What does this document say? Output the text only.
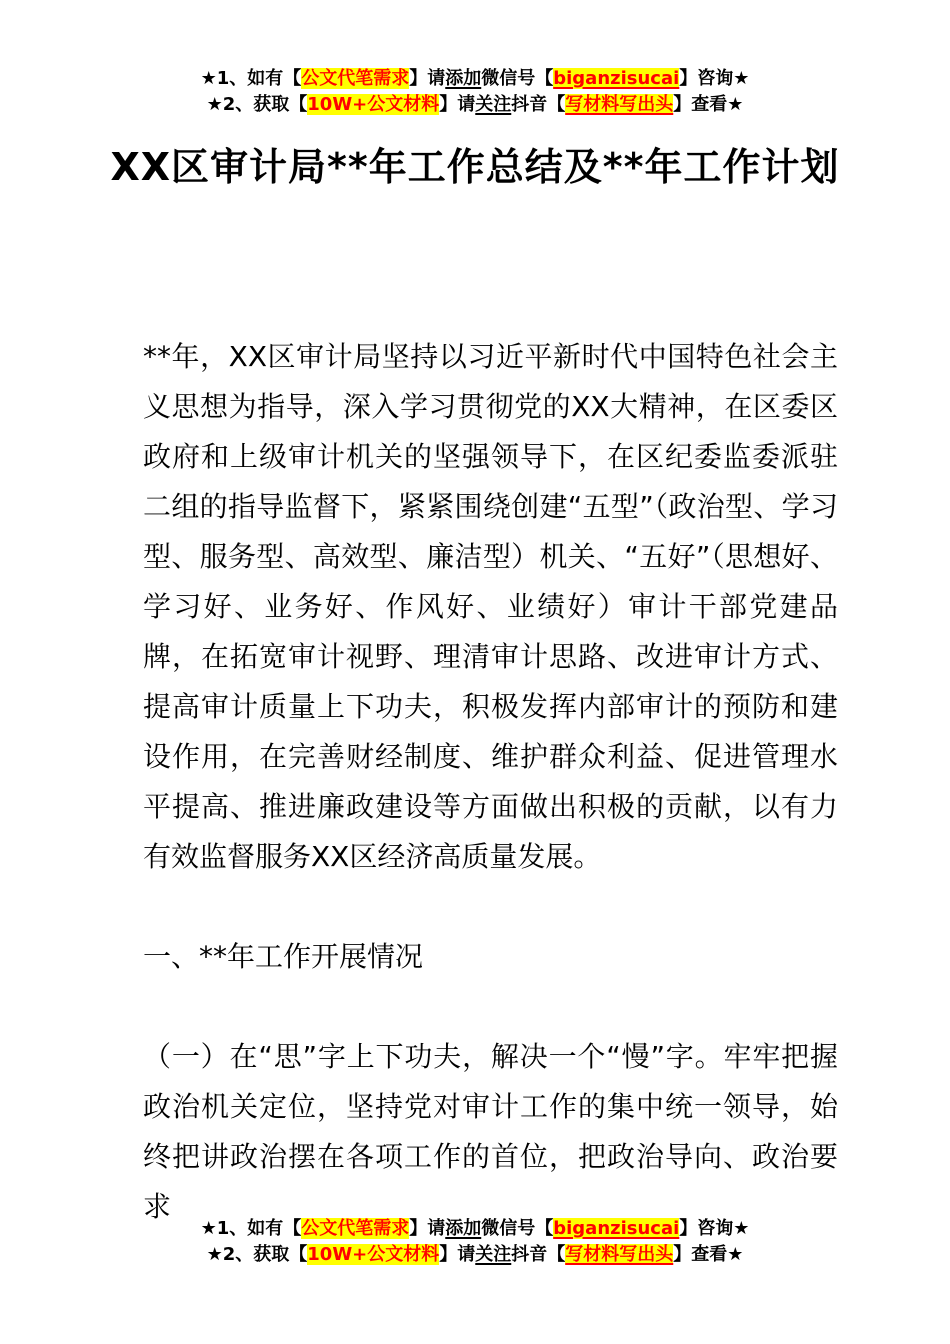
★1、如有【公文代笔需求】请添加微信号【biganzisucai】咨询★
★2、获取【10W+公文材料】请关注抖音【写材料写出头】查看★
XX区审计局**年工作总结及**年工作计划

**年，XX区审计局坚持以习近平新时代中国特色社会主义思想为指导，深入学习贯彻党的XX大精神，在区委区政府和上级审计机关的坚强领导下，在区纪委监委派驻二组的指导监督下，紧紧围绕创建“五型”（政治型、学习型、服务型、高效型、廉洁型）机关、“五好”（思想好、学习好、业务好、作风好、业绩好）审计干部党建品牌，在拓宽审计视野、理清审计思路、改进审计方式、提高审计质量上下功夫，积极发挥内部审计的预防和建设作用，在完善财经制度、维护群众利益、促进管理水平提高、推进廉政建设等方面做出积极的贡献，以有力有效监督服务XX区经济高质量发展。

一、**年工作开展情况

（一）在“思”字上下功夫，解决一个“慢”字。牢牢把握政治机关定位，坚持党对审计工作的集中统一领导，始终把讲政治摆在各项工作的首位，把政治导向、政治要求

★1、如有【公文代笔需求】请添加微信号【biganzisucai】咨询★
★2、获取【10W+公文材料】请关注抖音【写材料写出头】查看★
